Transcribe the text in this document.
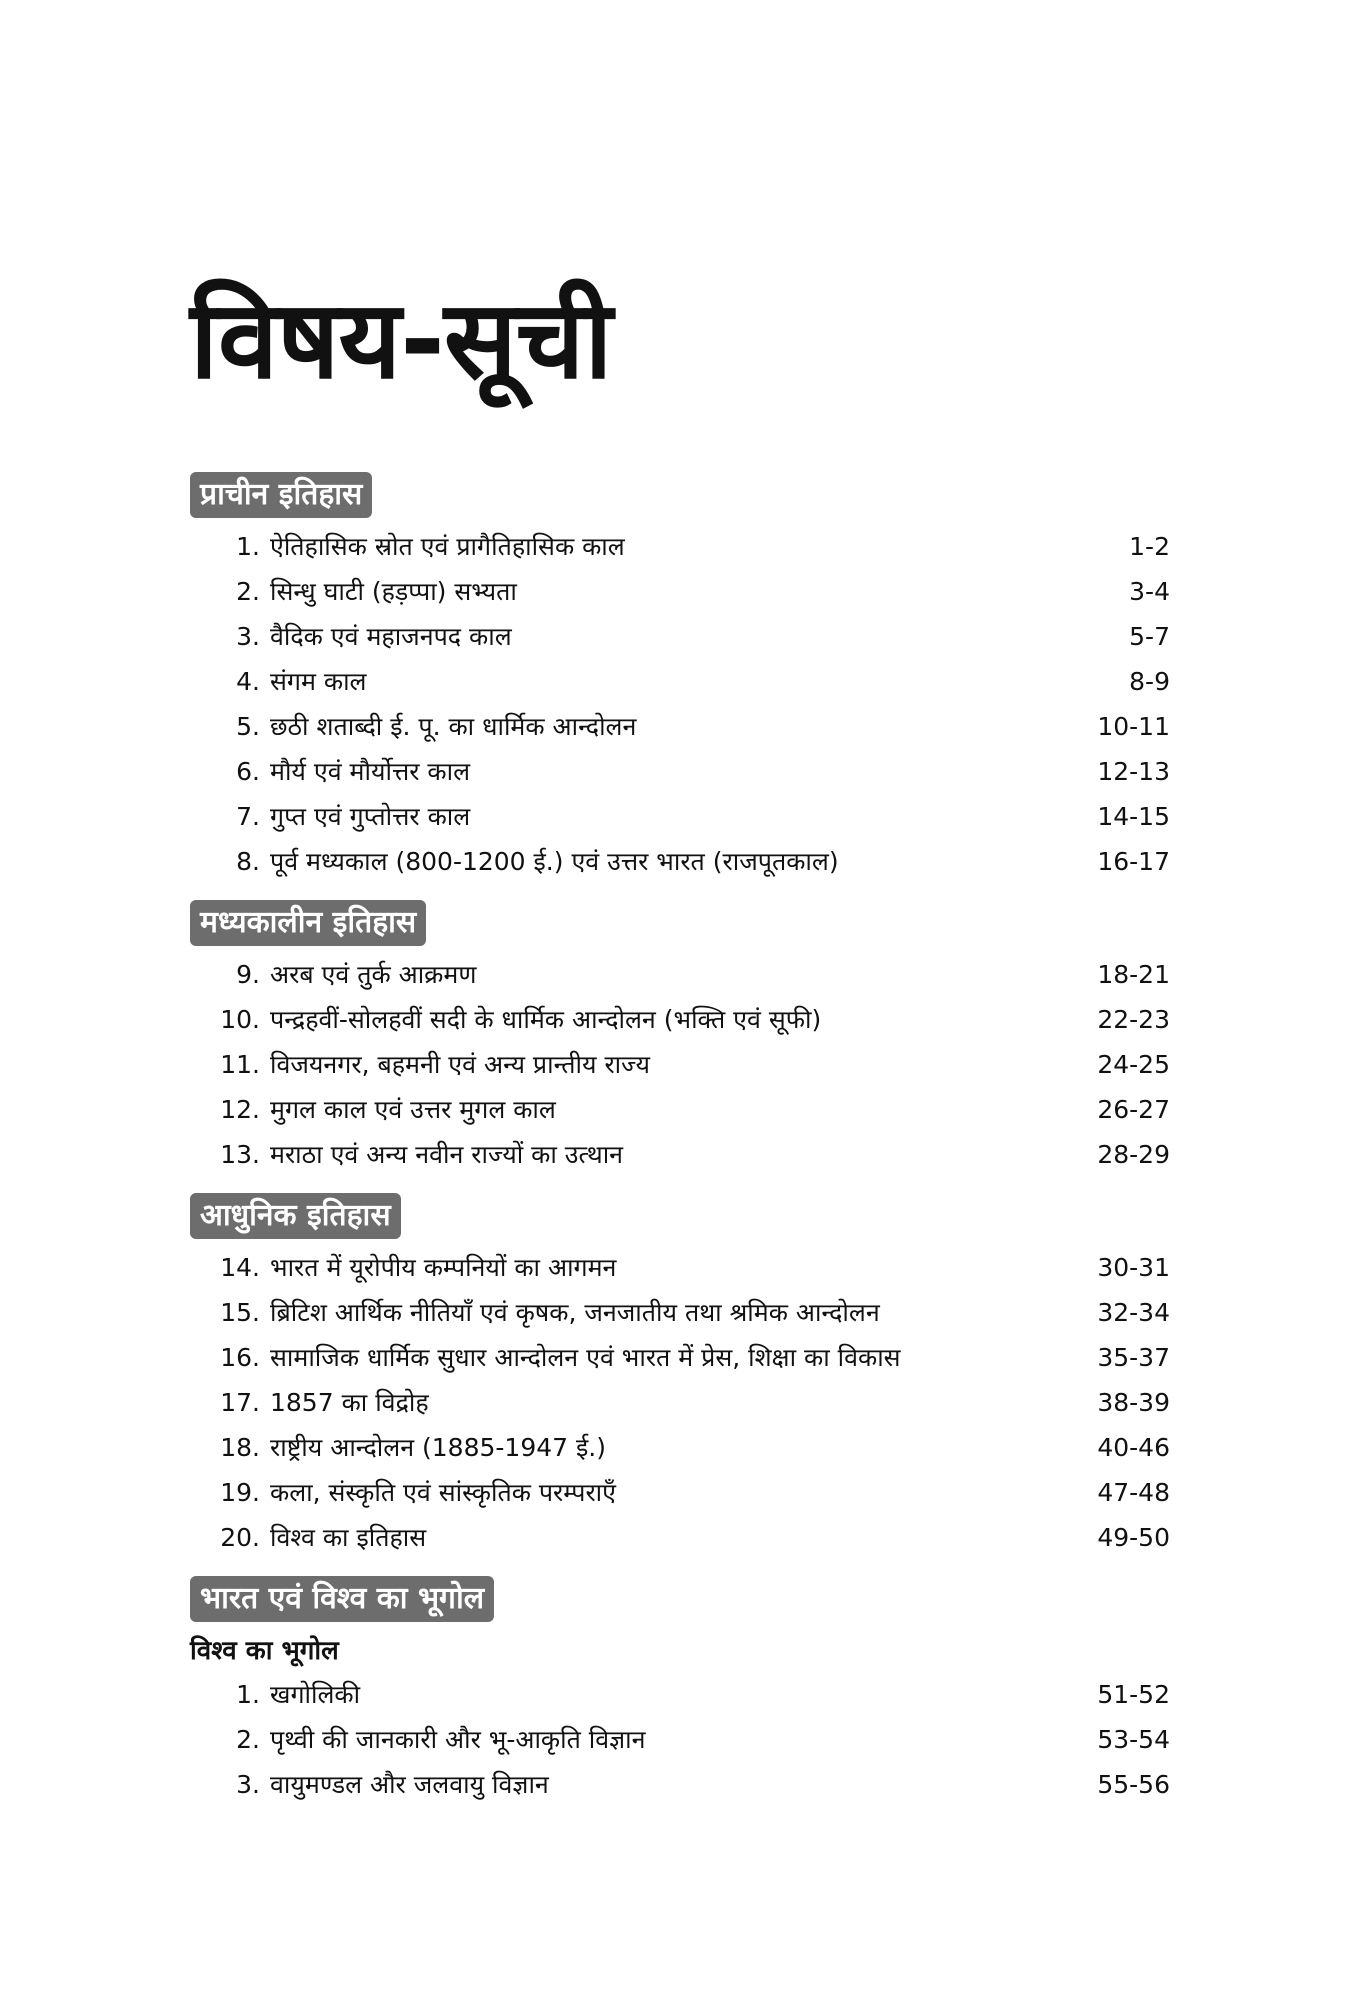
विषय-सूची
प्राचीन इतिहास
1. ऐतिहासिक स्रोत एवं प्रागैतिहासिक काल	1-2
2. सिन्धु घाटी (हड़प्पा) सभ्यता	3-4
3. वैदिक एवं महाजनपद काल	5-7
4. संगम काल	8-9
5. छठी शताब्दी ई. पू. का धार्मिक आन्दोलन	10-11
6. मौर्य एवं मौर्योत्तर काल	12-13
7. गुप्त एवं गुप्तोत्तर काल	14-15
8. पूर्व मध्यकाल (800-1200 ई.) एवं उत्तर भारत (राजपूतकाल)	16-17
मध्यकालीन इतिहास
9. अरब एवं तुर्क आक्रमण	18-21
10. पन्द्रहवीं-सोलहवीं सदी के धार्मिक आन्दोलन (भक्ति एवं सूफी)	22-23
11. विजयनगर, बहमनी एवं अन्य प्रान्तीय राज्य	24-25
12. मुगल काल एवं उत्तर मुगल काल	26-27
13. मराठा एवं अन्य नवीन राज्यों का उत्थान	28-29
आधुनिक इतिहास
14. भारत में यूरोपीय कम्पनियों का आगमन	30-31
15. ब्रिटिश आर्थिक नीतियाँ एवं कृषक, जनजातीय तथा श्रमिक आन्दोलन	32-34
16. सामाजिक धार्मिक सुधार आन्दोलन एवं भारत में प्रेस, शिक्षा का विकास	35-37
17. 1857 का विद्रोह	38-39
18. राष्ट्रीय आन्दोलन (1885-1947 ई.)	40-46
19. कला, संस्कृति एवं सांस्कृतिक परम्पराएँ	47-48
20. विश्व का इतिहास	49-50
भारत एवं विश्व का भूगोल
विश्व का भूगोल
1. खगोलिकी	51-52
2. पृथ्वी की जानकारी और भू-आकृति विज्ञान	53-54
3. वायुमण्डल और जलवायु विज्ञान	55-56
